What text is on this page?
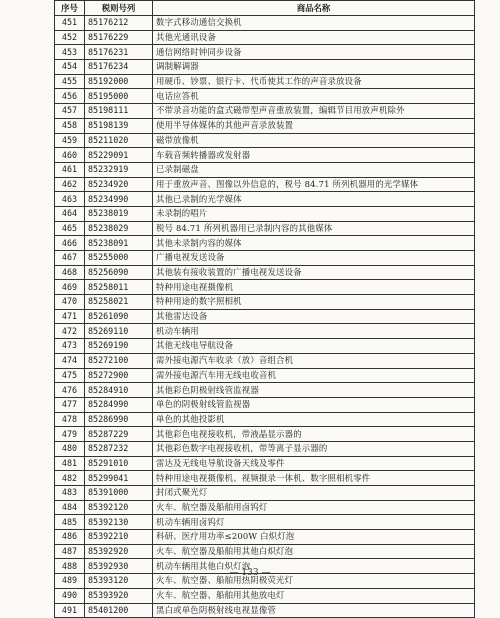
序号	税则号列	商品名称
451	85176212	数字式移动通信交换机
452	85176229	其他光通讯设备
453	85176231	通信网络时钟同步设备
454	85176234	调制解调器
455	85192000	用硬币、钞票、银行卡、代币使其工作的声音录放设备
456	85195000	电话应答机
457	85198111	不带录音功能的盒式磁带型声音重放装置，编辑节目用放声机除外
458	85198139	使用半导体媒体的其他声音录放装置
459	85211020	磁带放像机
460	85229091	车载音频转播器或发射器
461	85232919	已录制磁盘
462	85234920	用于重放声音、图像以外信息的，税号 84.71 所列机器用的光学媒体
463	85234990	其他已录制的光学媒体
464	85238019	未录制的唱片
465	85238029	税号 84.71 所列机器用已录制内容的其他媒体
466	85238091	其他未录制内容的媒体
467	85255000	广播电视发送设备
468	85256090	其他装有接收装置的广播电视发送设备
469	85258011	特种用途电视摄像机
470	85258021	特种用途的数字照相机
471	85261090	其他雷达设备
472	85269110	机动车辆用
473	85269190	其他无线电导航设备
474	85272100	需外接电源汽车收录（放）音组合机
475	85272900	需外接电源汽车用无线电收音机
476	85284910	其他彩色阴极射线管监视器
477	85284990	单色的阴极射线管监视器
478	85286990	单色的其他投影机
479	85287229	其他彩色电视接收机，带液晶显示器的
480	85287232	其他彩色数字电视接收机，带等离子显示器的
481	85291010	雷达及无线电导航设备天线及零件
482	85299041	特种用途电视摄像机、视频摄录一体机、数字照相机零件
483	85391000	封闭式聚光灯
484	85392120	火车、航空器及船舶用卤钨灯
485	85392130	机动车辆用卤钨灯
486	85392210	科研、医疗用功率≤200W 白炽灯泡
487	85392920	火车、航空器及船舶用其他白炽灯泡
488	85392930	机动车辆用其他白炽灯泡
489	85393120	火车、航空器、船舶用热阴极荧光灯
490	85393920	火车、航空器、船舶用其他放电灯
491	85401200	黑白或单色阴极射线电视显像管
— 133 —
